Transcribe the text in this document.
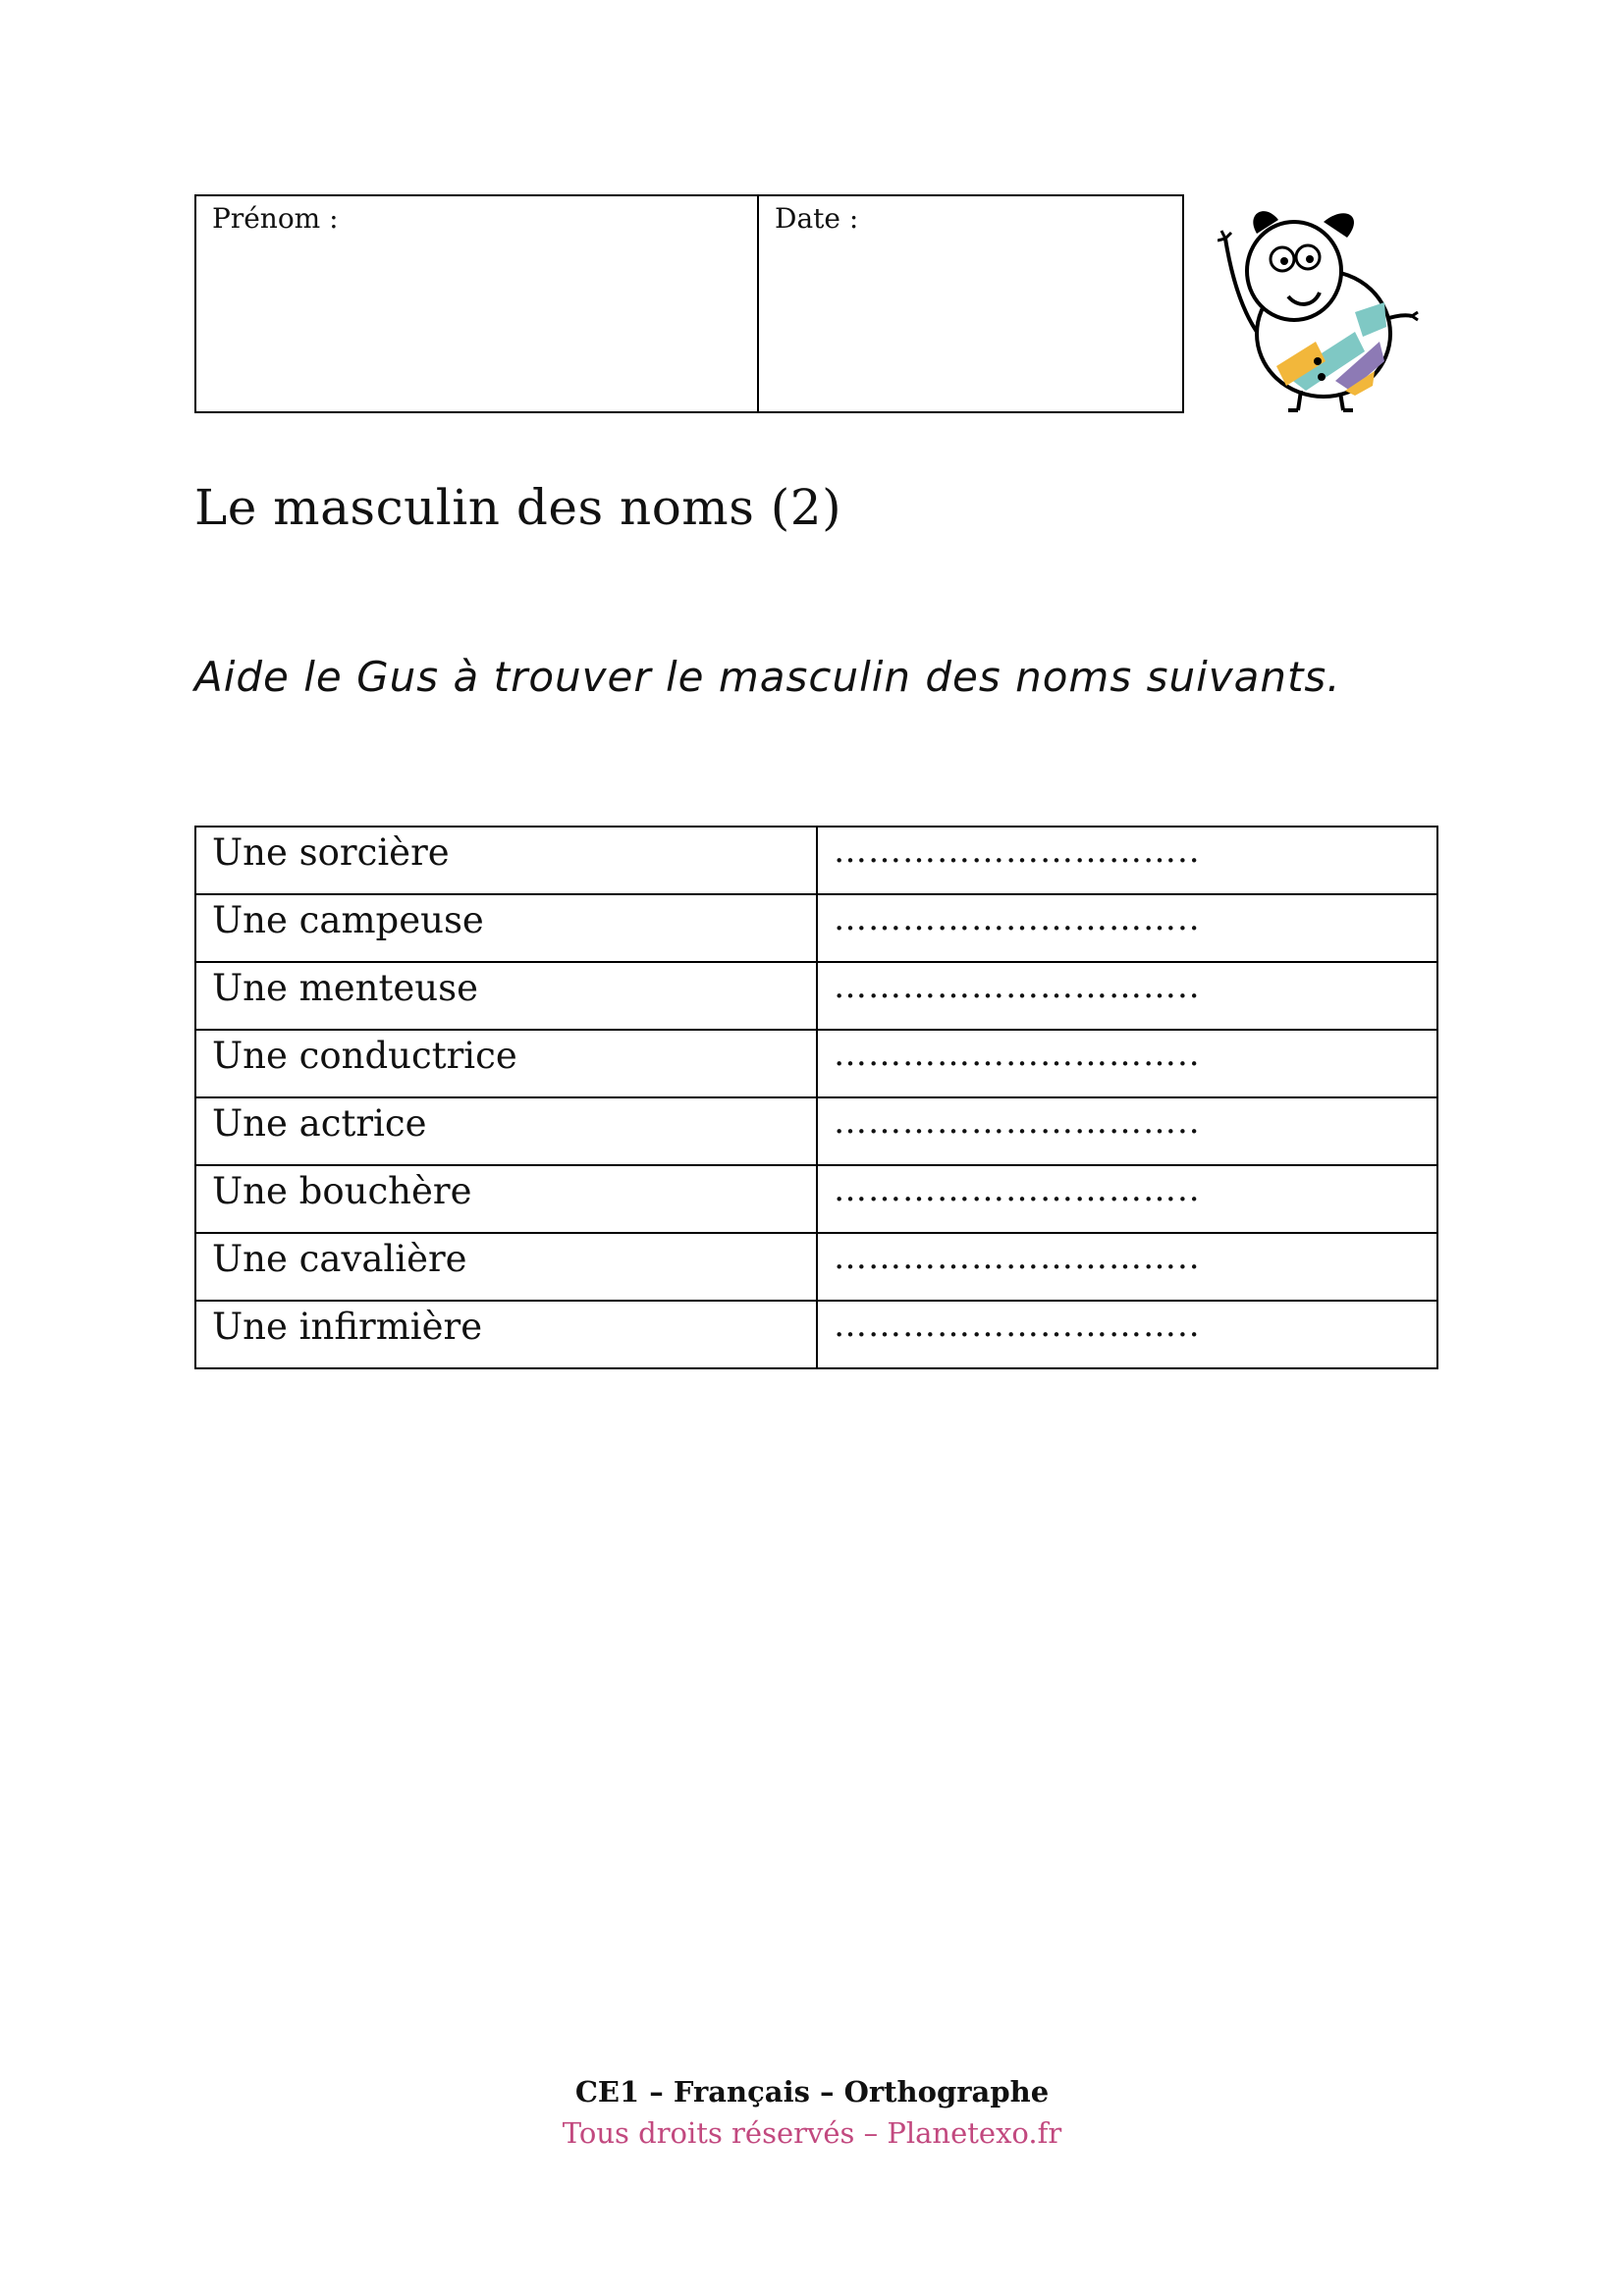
Prénom :	Date :
Le masculin des noms (2)

Aide le Gus à trouver le masculin des noms suivants.

Une sorcière	…………………………..
Une campeuse	…………………………..
Une menteuse	…………………………..
Une conductrice	…………………………..
Une actrice	…………………………..
Une bouchère	…………………………..
Une cavalière	…………………………..
Une infirmière	…………………………..
CE1 – Français – Orthographe
Tous droits réservés – Planetexo.fr
